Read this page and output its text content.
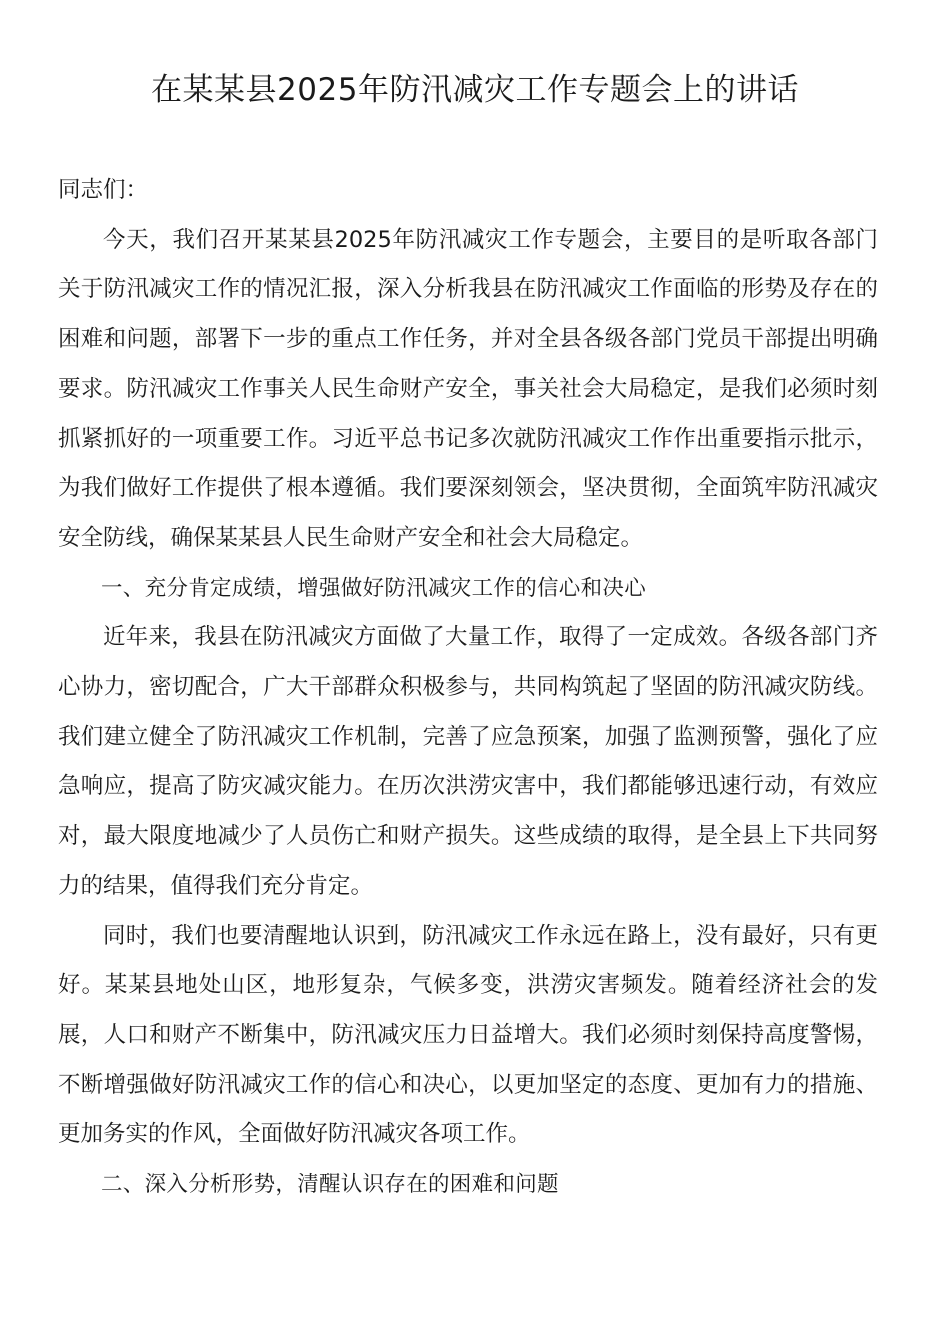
在某某县2025年防汛减灾工作专题会上的讲话

同志们：

今天，我们召开某某县2025年防汛减灾工作专题会，主要目的是听取各部门关于防汛减灾工作的情况汇报，深入分析我县在防汛减灾工作面临的形势及存在的困难和问题，部署下一步的重点工作任务，并对全县各级各部门党员干部提出明确要求。防汛减灾工作事关人民生命财产安全，事关社会大局稳定，是我们必须时刻抓紧抓好的一项重要工作。习近平总书记多次就防汛减灾工作作出重要指示批示，为我们做好工作提供了根本遵循。我们要深刻领会，坚决贯彻，全面筑牢防汛减灾安全防线，确保某某县人民生命财产安全和社会大局稳定。

一、充分肯定成绩，增强做好防汛减灾工作的信心和决心

近年来，我县在防汛减灾方面做了大量工作，取得了一定成效。各级各部门齐心协力，密切配合，广大干部群众积极参与，共同构筑起了坚固的防汛减灾防线。我们建立健全了防汛减灾工作机制，完善了应急预案，加强了监测预警，强化了应急响应，提高了防灾减灾能力。在历次洪涝灾害中，我们都能够迅速行动，有效应对，最大限度地减少了人员伤亡和财产损失。这些成绩的取得，是全县上下共同努力的结果，值得我们充分肯定。

同时，我们也要清醒地认识到，防汛减灾工作永远在路上，没有最好，只有更好。某某县地处山区，地形复杂，气候多变，洪涝灾害频发。随着经济社会的发展，人口和财产不断集中，防汛减灾压力日益增大。我们必须时刻保持高度警惕，不断增强做好防汛减灾工作的信心和决心，以更加坚定的态度、更加有力的措施、更加务实的作风，全面做好防汛减灾各项工作。

二、深入分析形势，清醒认识存在的困难和问题
